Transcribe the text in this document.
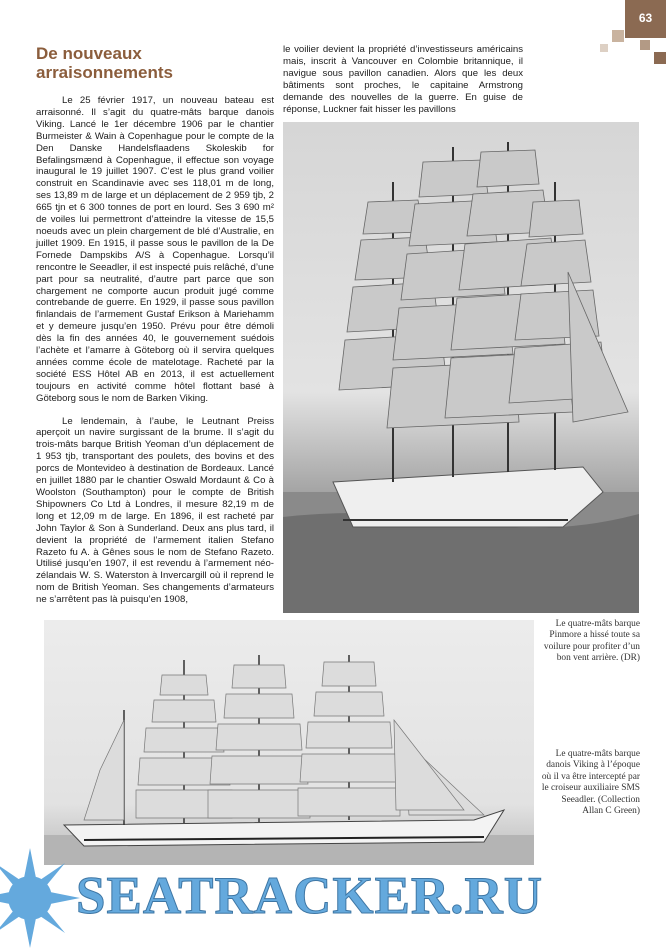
63
De nouveaux arraisonnements

Le 25 février 1917, un nouveau bateau est arraisonné. Il s’agit du quatre-mâts barque danois Viking. Lancé le 1er décembre 1906 par le chantier Burmeister & Wain à Copenhague pour le compte de la Den Danske Handelsflaadens Skoleskib for Befalingsmænd à Copenhague, il effectue son voyage inaugural le 19 juillet 1907. C’est le plus grand voilier construit en Scandinavie avec ses 118,01 m de long, ses 13,89 m de large et un déplacement de 2 959 tjb, 2 665 tjn et 6 300 tonnes de port en lourd. Ses 3 690 m² de voiles lui permettront d’atteindre la vitesse de 15,5 noeuds avec un plein chargement de blé d’Australie, en juillet 1909. En 1915, il passe sous le pavillon de la De Fornede Dampskibs A/S à Copenhague. Lorsqu’il rencontre le Seeadler, il est inspecté puis relâché, d’une part pour sa neutralité, d’autre part parce que son chargement ne comporte aucun produit jugé comme contrebande de guerre. En 1929, il passe sous pavillon finlandais de l’armement Gustaf Erikson à Mariehamm et y demeure jusqu’en 1950. Prévu pour être démoli dès la fin des années 40, le gouvernement suédois l’achète et l’amarre à Göteborg où il servira quelques années comme école de matelotage. Racheté par la société ESS Hôtel AB en 2013, il est actuellement toujours en activité comme hôtel flottant basé à Göteborg sous le nom de Barken Viking.

Le lendemain, à l’aube, le Leutnant Preiss aperçoit un navire surgissant de la brume. Il s’agit du trois-mâts barque British Yeoman d’un déplacement de 1 953 tjb, transportant des poulets, des bovins et des porcs de Montevideo à destination de Bordeaux. Lancé en juillet 1880 par le chantier Oswald Mordaunt & Co à Woolston (Southampton) pour le compte de British Shipowners Co Ltd à Londres, il mesure 82,19 m de long et 12,09 m de large. En 1896, il est racheté par John Taylor & Son à Sunderland. Deux ans plus tard, il devient la propriété de l’armement italien Stefano Razeto fu A. à Gênes sous le nom de Stefano Razeto. Utilisé jusqu’en 1907, il est revendu à l’armement néo-zélandais W. S. Waterston à Invercargill où il reprend le nom de British Yeoman. Ses changements d’armateurs ne s’arrêtent pas là puisqu’en 1908,

le voilier devient la propriété d’investisseurs américains mais, inscrit à Vancouver en Colombie britannique, il navigue sous pavillon canadien. Alors que les deux bâtiments sont proches, le capitaine Armstrong demande des nouvelles de la guerre. En guise de réponse, Luckner fait hisser les pavillons

Le quatre-mâts barque Pinmore a hissé toute sa voilure pour profiter d’un bon vent arrière. (DR)
Le quatre-mâts barque danois Viking à l’époque où il va être intercepté par le croiseur auxiliaire SMS Seeadler. (Collection Allan C Green)
SEATRACKER.RU
